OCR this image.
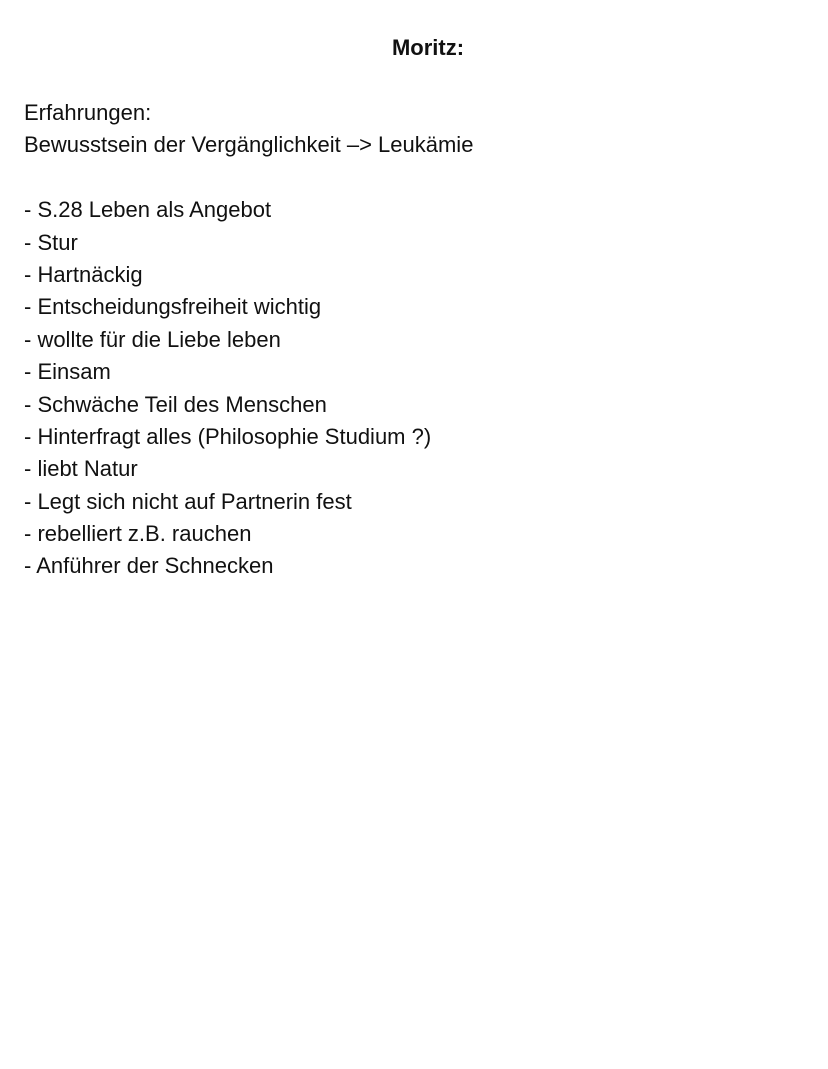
Moritz:
Erfahrungen:
Bewusstsein der Vergänglichkeit –> Leukämie
- S.28 Leben als Angebot
- Stur
- Hartnäckig
- Entscheidungsfreiheit wichtig
- wollte für die Liebe leben
- Einsam
- Schwäche Teil des Menschen
- Hinterfragt alles (Philosophie Studium ?)
- liebt Natur
- Legt sich nicht auf Partnerin fest
- rebelliert z.B. rauchen
- Anführer der Schnecken
